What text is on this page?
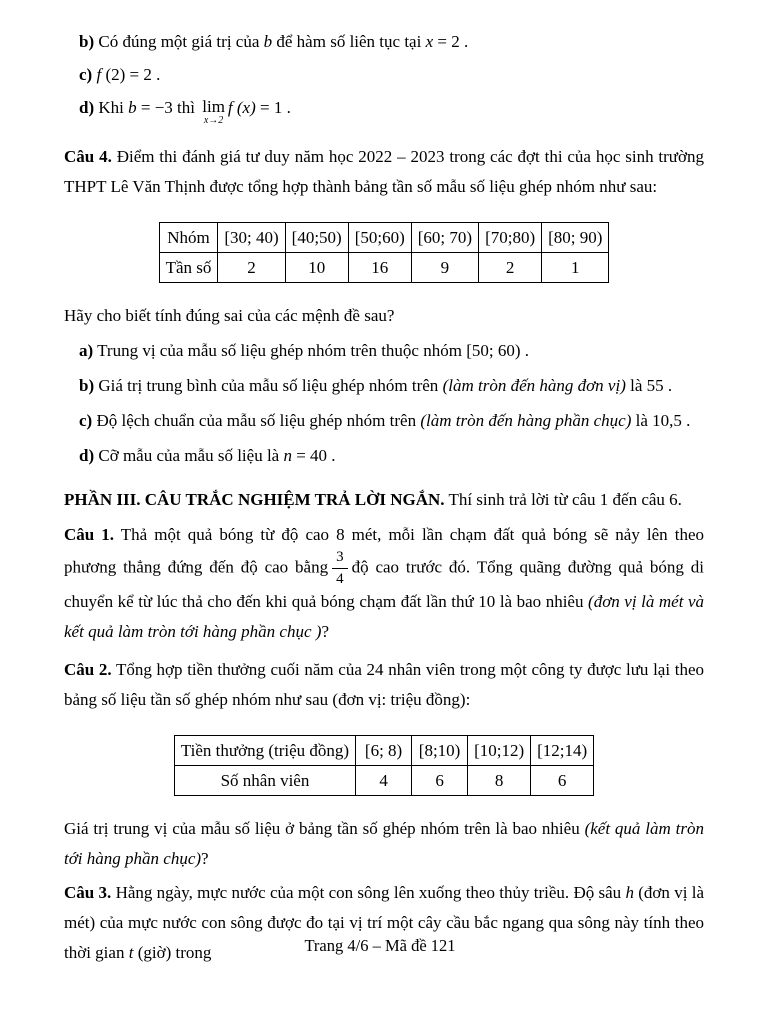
b) Có đúng một giá trị của b để hàm số liên tục tại x = 2 .

c) f (2) = 2 .

d) Khi b = −3 thì lim
x→2
f (x) = 1 .

Câu 4. Điểm thi đánh giá tư duy năm học 2022 – 2023 trong các đợt thi của học sinh trường THPT Lê Văn Thịnh được tổng hợp thành bảng tần số mẫu số liệu ghép nhóm như sau:

Nhóm	[30; 40)	[40;50)	[50;60)	[60; 70)	[70;80)	[80; 90)
Tần số	2	10	16	9	2	1

Hãy cho biết tính đúng sai của các mệnh đề sau?

a) Trung vị của mẫu số liệu ghép nhóm trên thuộc nhóm [50; 60) .

b) Giá trị trung bình của mẫu số liệu ghép nhóm trên (làm tròn đến hàng đơn vị) là 55 .

c) Độ lệch chuẩn của mẫu số liệu ghép nhóm trên (làm tròn đến hàng phần chục) là 10,5 .

d) Cỡ mẫu của mẫu số liệu là n = 40 .

PHẦN III. CÂU TRẮC NGHIỆM TRẢ LỜI NGẮN. Thí sinh trả lời từ câu 1 đến câu 6.

Câu 1. Thả một quả bóng từ độ cao 8 mét, mỗi lần chạm đất quả bóng sẽ nảy lên theo phương thẳng đứng đến độ cao bằng $\frac{3}{4}$ độ cao trước đó. Tổng quãng đường quả bóng di chuyển kể từ lúc thả cho đến khi quả bóng chạm đất lần thứ 10 là bao nhiêu (đơn vị là mét và kết quả làm tròn tới hàng phần chục )?

Câu 2. Tổng hợp tiền thưởng cuối năm của 24 nhân viên trong một công ty được lưu lại theo bảng số liệu tần số ghép nhóm như sau (đơn vị: triệu đồng):

Tiền thưởng (triệu đồng)	[6; 8)	[8;10)	[10;12)	[12;14)
Số nhân viên	4	6	8	6

Giá trị trung vị của mẫu số liệu ở bảng tần số ghép nhóm trên là bao nhiêu (kết quả làm tròn tới hàng phần chục)?

Câu 3. Hằng ngày, mực nước của một con sông lên xuống theo thủy triều. Độ sâu h (đơn vị là mét) của mực nước con sông được đo tại vị trí một cây cầu bắc ngang qua sông này tính theo thời gian t (giờ) trong	Trang 4/6 – Mã đề 121
